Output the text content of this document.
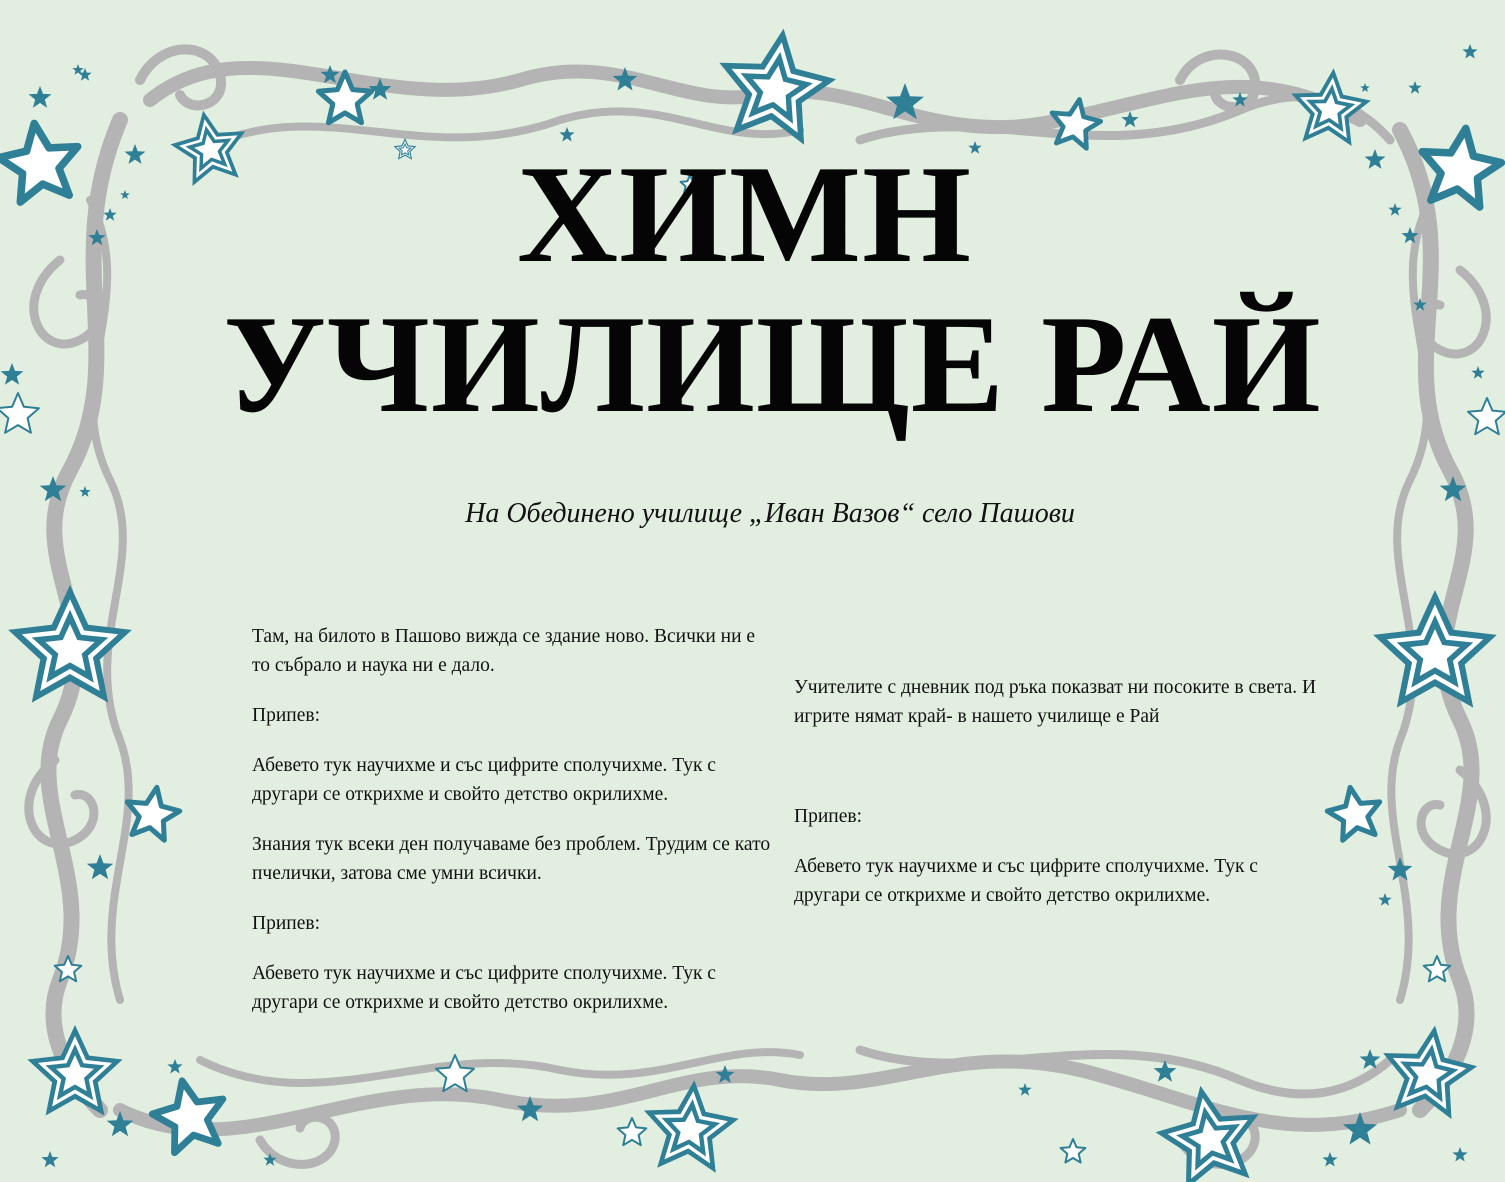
ХИМН
УЧИЛИЩЕ РАЙ
На Обединено училище „Иван Вазов“ село Пашови

Там, на билото в Пашово вижда се здание ново. Всички ни е то събрало и наука ни е дало.

Припев:

Абевето тук научихме и със цифрите сполучихме. Тук с другари се открихме и свойто детство окрилихме.

Знания тук всеки ден получаваме без проблем. Трудим се като пчелички, затова сме умни всички.

Припев:

Абевето тук научихме и със цифрите сполучихме. Тук с другари се открихме и свойто детство окрилихме.

Учителите с дневник под ръка показват ни посоките в света. И игрите нямат край- в нашето училище е Рай

Припев:

Абевето тук научихме и със цифрите сполучихме. Тук с другари се открихме и свойто детство окрилихме.
